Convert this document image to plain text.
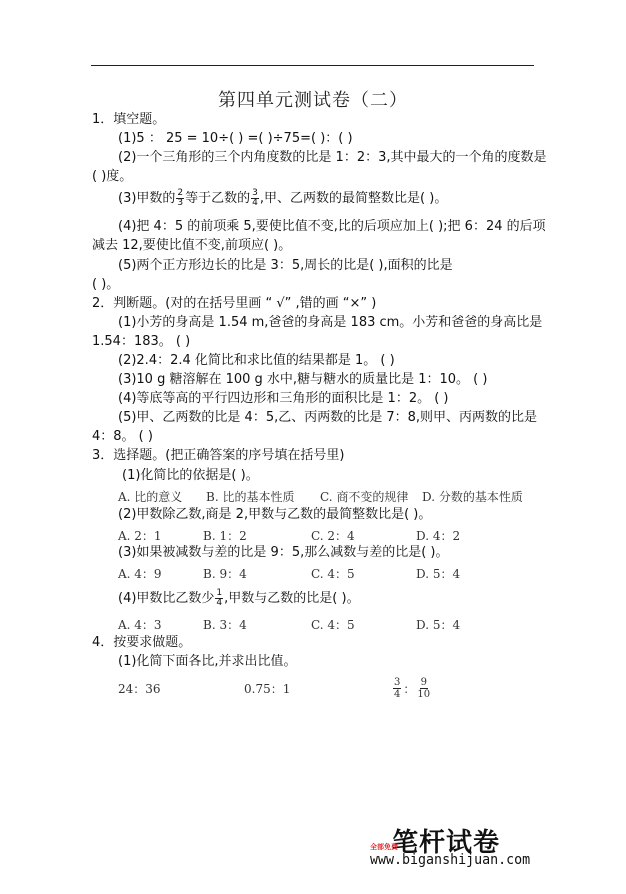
第四单元测试卷（二）
1．填空题。
(1)5 ： 25 = 10÷( ) =( )÷75=( )：( )
(2)一个三角形的三个内角度数的比是 1：2：3,其中最大的一个角的度数是
( )度。
(3)甲数的 $\frac{2}{3}$ 等于乙数的 $\frac{3}{4}$ ,甲、乙两数的最简整数比是( )。
(4)把 4：5 的前项乘 5,要使比值不变,比的后项应加上( );把 6：24 的后项
减去 12,要使比值不变,前项应( )。
(5)两个正方形边长的比是 3：5,周长的比是( ),面积的比是
( )。
2．判断题。(对的在括号里画 “ √” ,错的画 “×” )
(1)小芳的身高是 1.54 m,爸爸的身高是 183 cm。小芳和爸爸的身高比是
1.54：183。 ( )
(2)2.4：2.4 化简比和求比值的结果都是 1。 ( )
(3)10 g 糖溶解在 100 g 水中,糖与糖水的质量比是 1：10。 ( )
(4)等底等高的平行四边形和三角形的面积比是 1：2。 ( )
(5)甲、乙两数的比是 4：5,乙、丙两数的比是 7：8,则甲、丙两数的比是
4：8。 ( )
3．选择题。(把正确答案的序号填在括号里)
(1)化简比的依据是( )。
A. 比的意义 B. 比的基本性质 C. 商不变的规律 D. 分数的基本性质
(2)甲数除乙数,商是 2,甲数与乙数的最简整数比是( )。
A. 2：1	B. 1：2	C. 2：4	D. 4：2
(3)如果被减数与差的比是 9：5,那么减数与差的比是( )。
A. 4：9	B. 9：4	C. 4：5	D. 5：4
(4)甲数比乙数少 $\frac{1}{4}$ ,甲数与乙数的比是( )。
A. 4：3	B. 3：4	C. 4：5	D. 5：4
4．按要求做题。
(1)化简下面各比,并求出比值。
24：36	0.75：1	$\frac{3}{4}$ ： $\frac{9}{10}$
笔杆试卷
全部免费
www.biganshijuan.com
